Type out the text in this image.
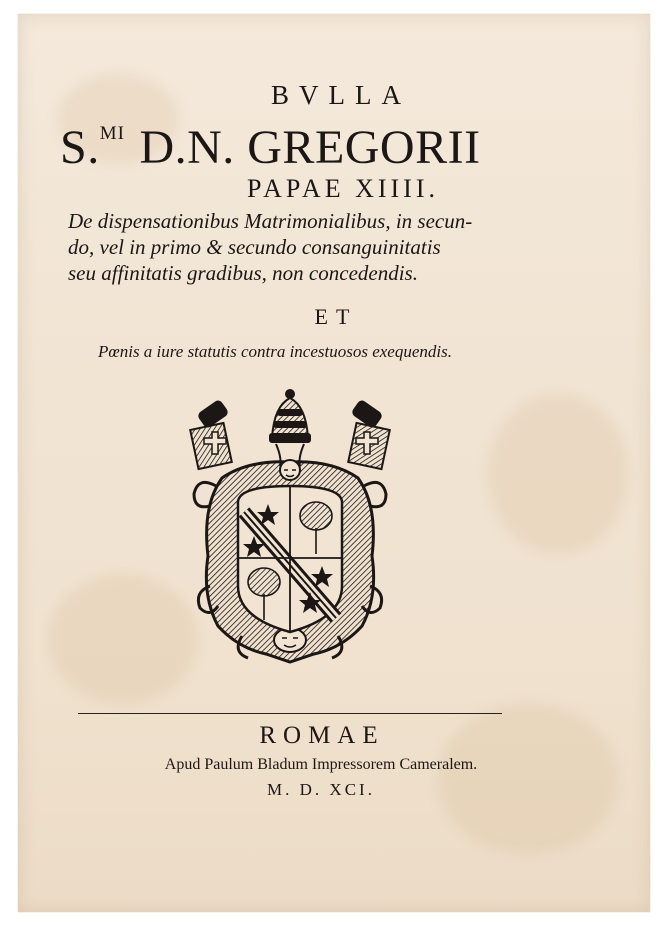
BVLLA
S.$^{MI}$ D.N. GREGORII
PAPAE XIIII.
De dispensationibus Matrimonialibus, in secun-
do, vel in primo & secundo consanguinitatis
seu affinitatis gradibus, non concedendis.
ET
Pœnis a iure statutis contra incestuosos exequendis.
ROMAE
Apud Paulum Bladum Impressorem Cameralem.
M. D. XCI.
